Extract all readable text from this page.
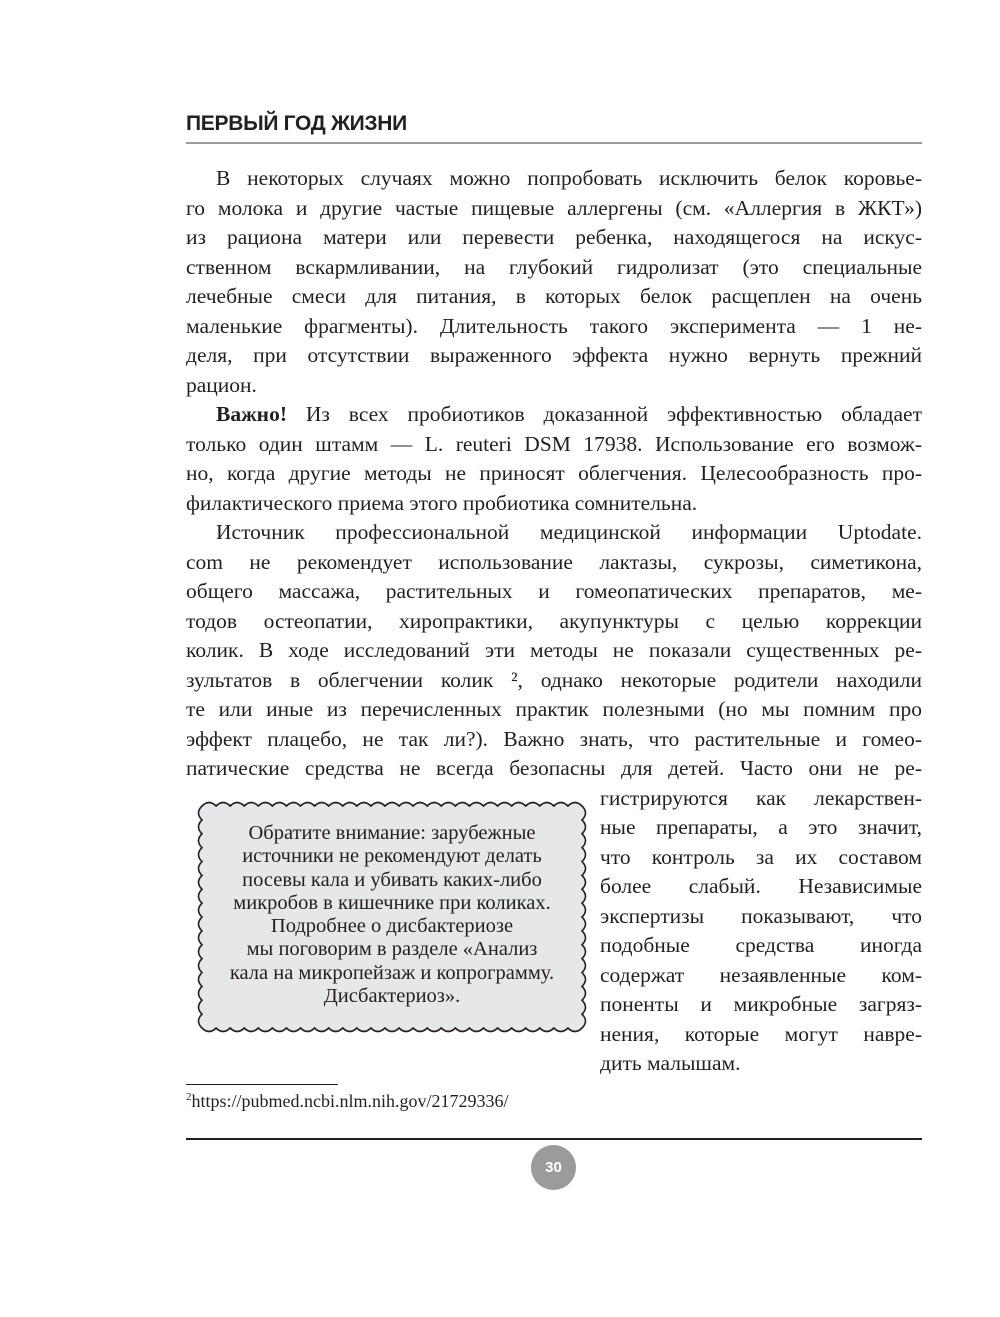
ПЕРВЫЙ ГОД ЖИЗНИ
В некоторых случаях можно попробовать исключить белок коровье-
го молока и другие частые пищевые аллергены (см. «Аллергия в ЖКТ»)
из рациона матери или перевести ребенка, находящегося на искус-
ственном вскармливании, на глубокий гидролизат (это специальные
лечебные смеси для питания, в которых белок расщеплен на очень
маленькие фрагменты). Длительность такого эксперимента — 1 не-
деля, при отсутствии выраженного эффекта нужно вернуть прежний
рацион.
Важно! Из всех пробиотиков доказанной эффективностью обладает
только один штамм — L. reuteri DSM 17938. Использование его возмож-
но, когда другие методы не приносят облегчения. Целесообразность про-
филактического приема этого пробиотика сомнительна.
Источник профессиональной медицинской информации Uptodate.
com не рекомендует использование лактазы, сукрозы, симетикона,
общего массажа, растительных и гомеопатических препаратов, ме-
тодов остеопатии, хиропрактики, акупунктуры с целью коррекции
колик. В ходе исследований эти методы не показали существенных ре-
зультатов в облегчении колик ², однако некоторые родители находили
те или иные из перечисленных практик полезными (но мы помним про
эффект плацебо, не так ли?). Важно знать, что растительные и гомео-
патические средства не всегда безопасны для детей. Часто они не ре-
гистрируются как лекарствен-
ные препараты, а это значит,
что контроль за их составом
более слабый. Независимые
экспертизы показывают, что
подобные средства иногда
содержат незаявленные ком-
поненты и микробные загряз-
нения, которые могут навре-
дить малышам.
Обратите внимание: зарубежные
источники не рекомендуют делать
посевы кала и убивать каких-либо
микробов в кишечнике при коликах.
Подробнее о дисбактериозе
мы поговорим в разделе «Анализ
кала на микропейзаж и копрограмму.
Дисбактериоз».
$^2$https://pubmed.ncbi.nlm.nih.gov/21729336/
30
